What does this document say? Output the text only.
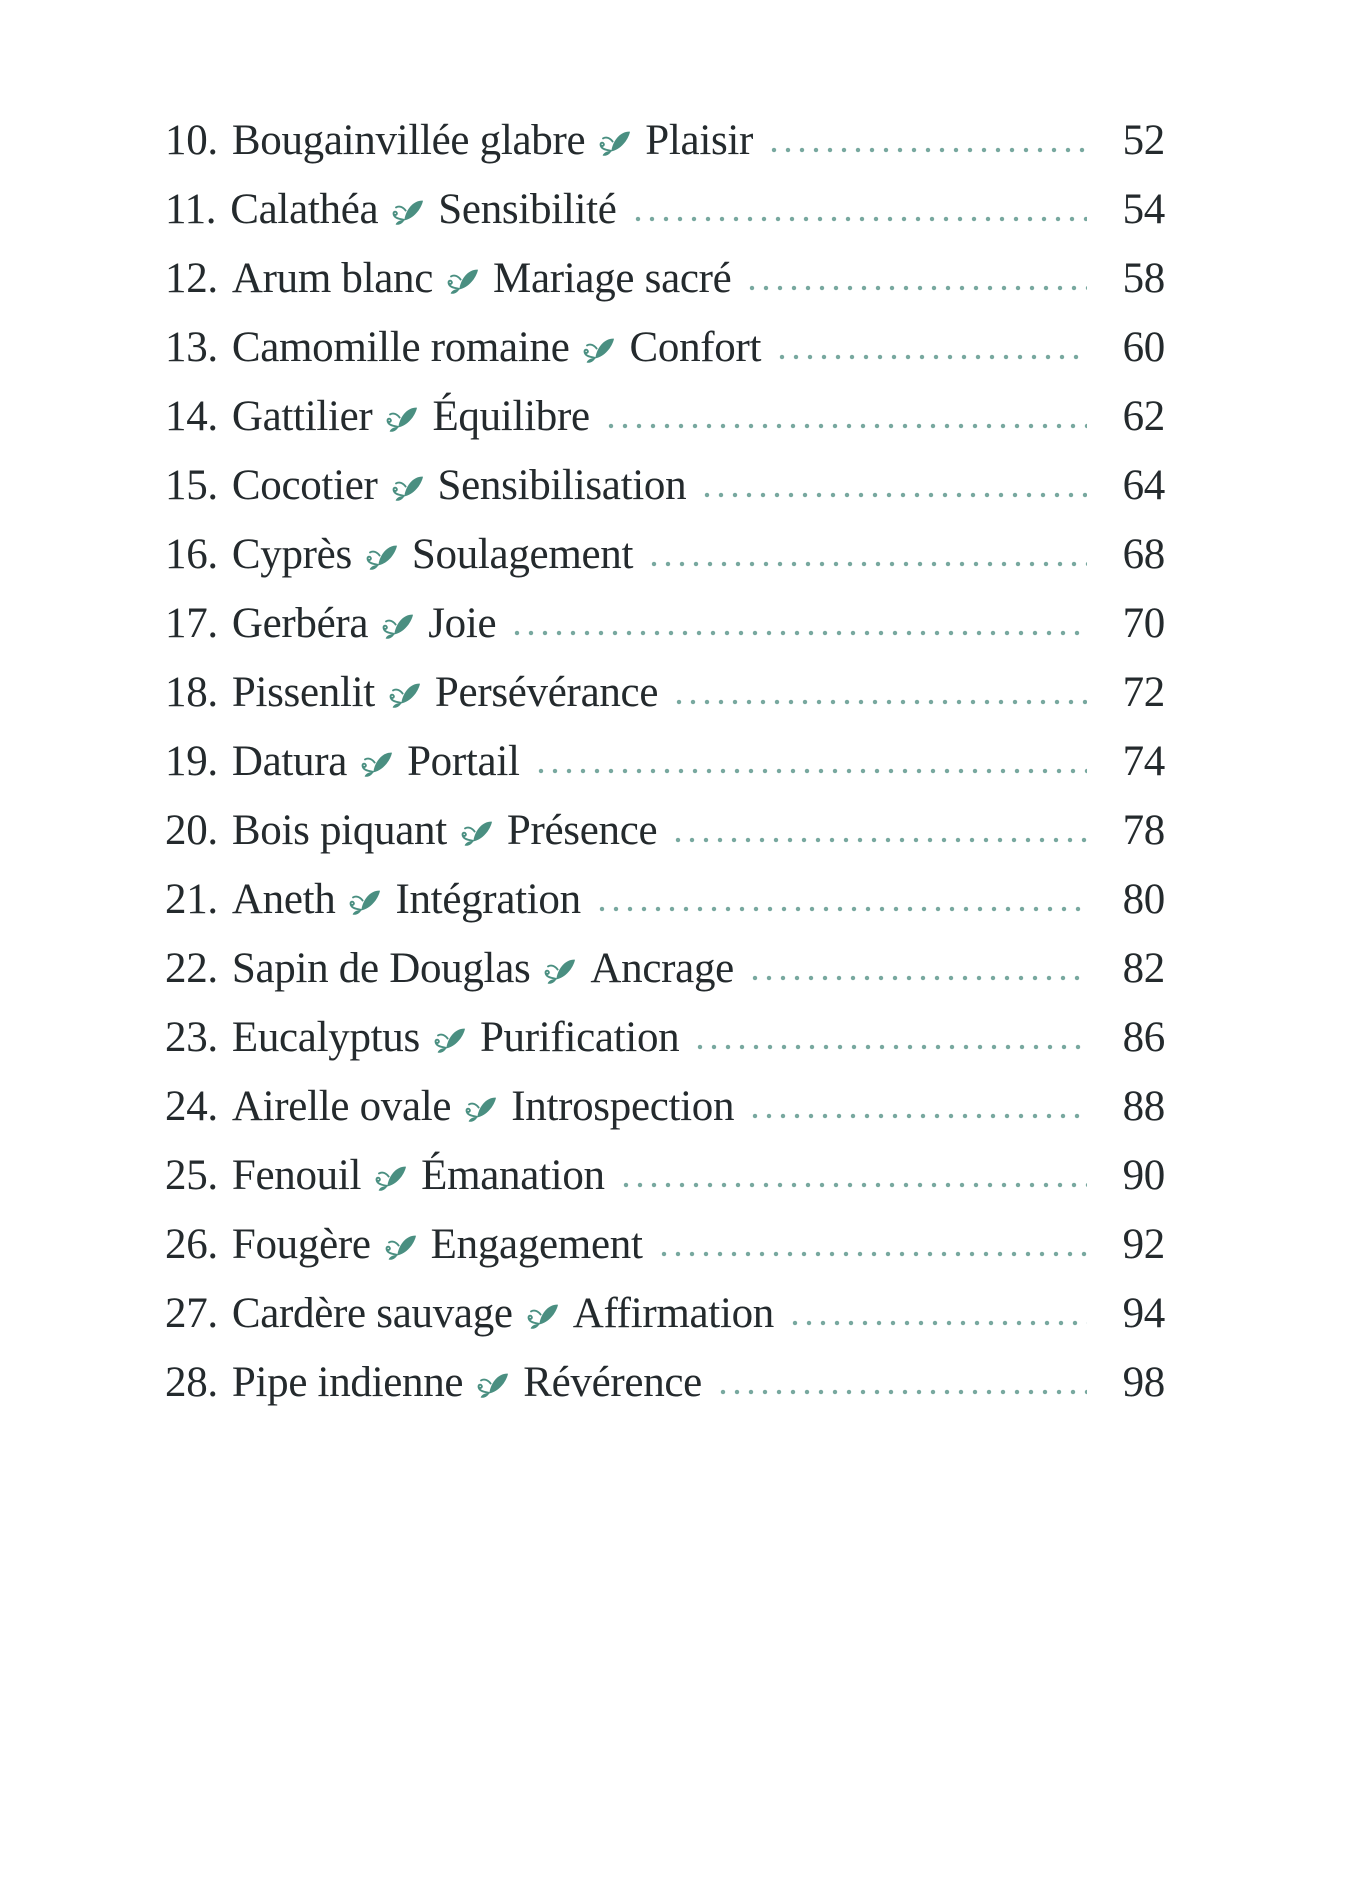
10. Bougainvillée glabre Plaisir	52
11. Calathéa Sensibilité	54
12. Arum blanc Mariage sacré	58
13. Camomille romaine Confort	60
14. Gattilier Équilibre	62
15. Cocotier Sensibilisation	64
16. Cyprès Soulagement	68
17. Gerbéra Joie	70
18. Pissenlit Persévérance	72
19. Datura Portail	74
20. Bois piquant Présence	78
21. Aneth Intégration	80
22. Sapin de Douglas Ancrage	82
23. Eucalyptus Purification	86
24. Airelle ovale Introspection	88
25. Fenouil Émanation	90
26. Fougère Engagement	92
27. Cardère sauvage Affirmation	94
28. Pipe indienne Révérence	98
